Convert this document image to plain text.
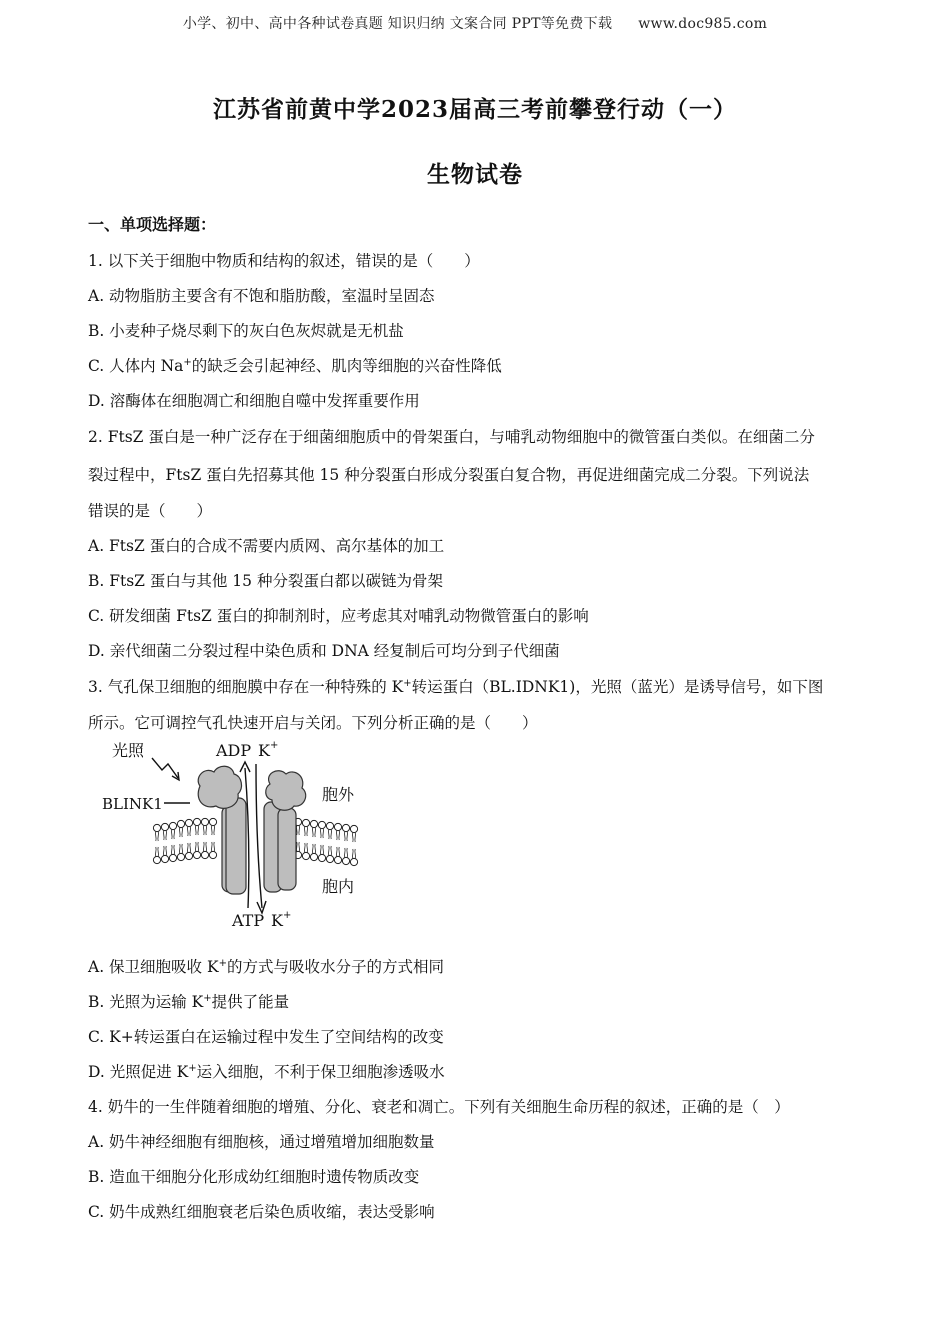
小学、初中、高中各种试卷真题 知识归纳 文案合同 PPT等免费下载 www.doc985.com
江苏省前黄中学2023届高三考前攀登行动（一）
生物试卷
一、单项选择题：
1. 以下关于细胞中物质和结构的叙述，错误的是（　　）
A. 动物脂肪主要含有不饱和脂肪酸，室温时呈固态
B. 小麦种子烧尽剩下的灰白色灰烬就是无机盐
C. 人体内 Na+的缺乏会引起神经、肌肉等细胞的兴奋性降低
D. 溶酶体在细胞凋亡和细胞自噬中发挥重要作用
2. FtsZ 蛋白是一种广泛存在于细菌细胞质中的骨架蛋白，与哺乳动物细胞中的微管蛋白类似。在细菌二分
裂过程中，FtsZ 蛋白先招募其他 15 种分裂蛋白形成分裂蛋白复合物，再促进细菌完成二分裂。下列说法
错误的是（　　）
A. FtsZ 蛋白的合成不需要内质网、高尔基体的加工
B. FtsZ 蛋白与其他 15 种分裂蛋白都以碳链为骨架
C. 研发细菌 FtsZ 蛋白的抑制剂时，应考虑其对哺乳动物微管蛋白的影响
D. 亲代细菌二分裂过程中染色质和 DNA 经复制后可均分到子代细菌
3. 气孔保卫细胞的细胞膜中存在一种特殊的 K+转运蛋白（BL.IDNK1)，光照（蓝光）是诱导信号，如下图
所示。它可调控气孔快速开启与关闭。下列分析正确的是（　　）
光照	ADP K +
BLINK1	胞外
胞内
ATP K +
A. 保卫细胞吸收 K+的方式与吸收水分子的方式相同
B. 光照为运输 K+提供了能量
C. K+转运蛋白在运输过程中发生了空间结构的改变
D. 光照促进 K+运入细胞，不利于保卫细胞渗透吸水
4. 奶牛的一生伴随着细胞的增殖、分化、衰老和凋亡。下列有关细胞生命历程的叙述，正确的是（　）
A. 奶牛神经细胞有细胞核，通过增殖增加细胞数量
B. 造血干细胞分化形成幼红细胞时遗传物质改变
C. 奶牛成熟红细胞衰老后染色质收缩，表达受影响
